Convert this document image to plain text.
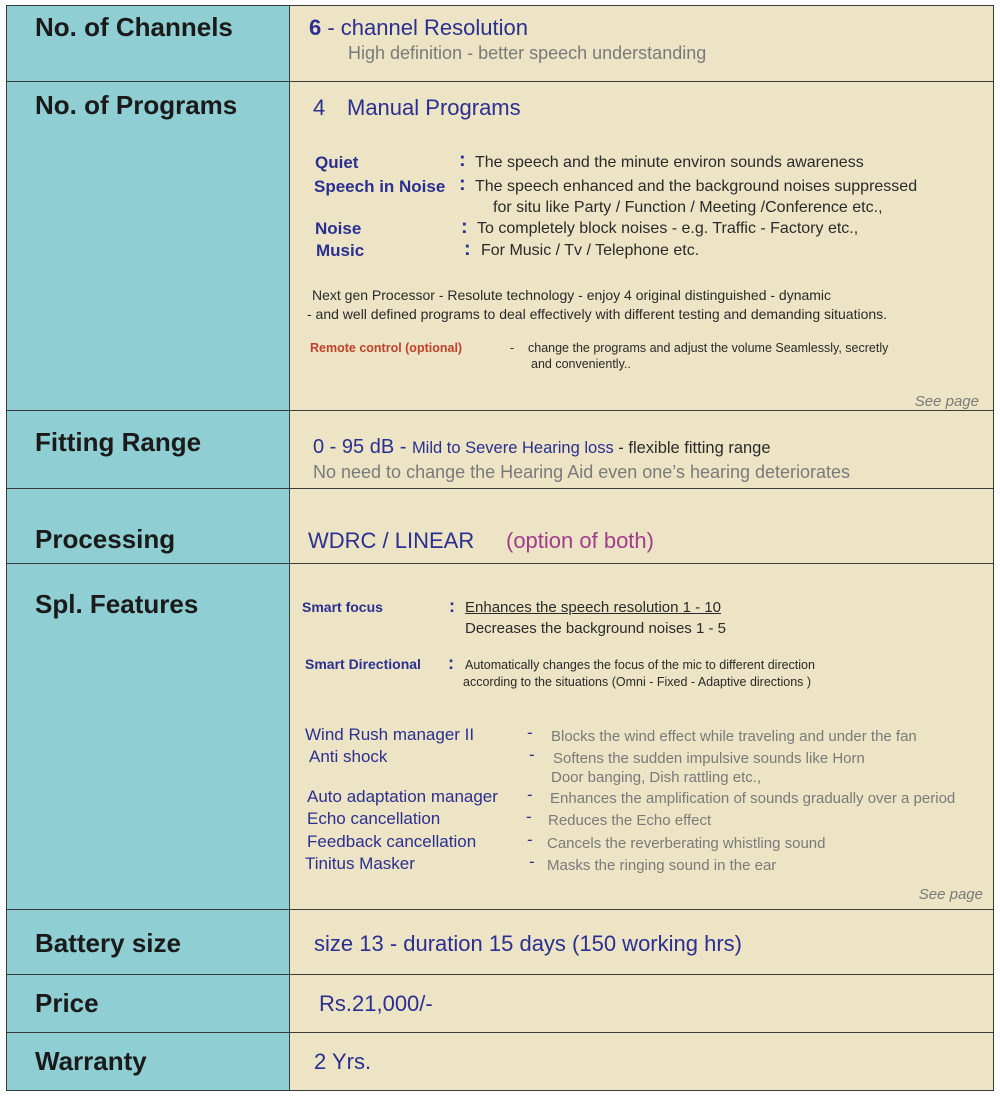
No. of Channels	6 - channel Resolution
High definition - better speech understanding
No. of Programs	4 Manual Programs
Quiet	: The speech and the minute environ sounds awareness
Speech in Noise : The speech enhanced and the background noises suppressed
for situ like Party / Function / Meeting /Conference etc.,
Noise	: To completely block noises - e.g. Traffic - Factory etc.,
Music	: For Music / Tv / Telephone etc.
Next gen Processor - Resolute technology - enjoy 4 original distinguished - dynamic
- and well defined programs to deal effectively with different testing and demanding situations.
Remote control (optional)	- change the programs and adjust the volume Seamlessly, secretly
and conveniently..
See page
Fitting Range	0 - 95 dB - Mild to Severe Hearing loss - flexible fitting range
No need to change the Hearing Aid even one’s hearing deteriorates
Processing	WDRC / LINEAR (option of both)
Spl. Features	Smart focus	: Enhances the speech resolution 1 - 10
Decreases the background noises 1 - 5
Smart Directional : Automatically changes the focus of the mic to different direction
according to the situations (Omni - Fixed - Adaptive directions )
Wind Rush manager II	- Blocks the wind effect while traveling and under the fan
Anti shock	- Softens the sudden impulsive sounds like Horn
Door banging, Dish rattling etc.,
Auto adaptation manager - Enhances the amplification of sounds gradually over a period
Echo cancellation	- Reduces the Echo effect
Feedback cancellation	- Cancels the reverberating whistling sound
Tinitus Masker	- Masks the ringing sound in the ear
See page
Battery size	size 13 - duration 15 days (150 working hrs)
Price	Rs.21,000/-
Warranty	2 Yrs.
